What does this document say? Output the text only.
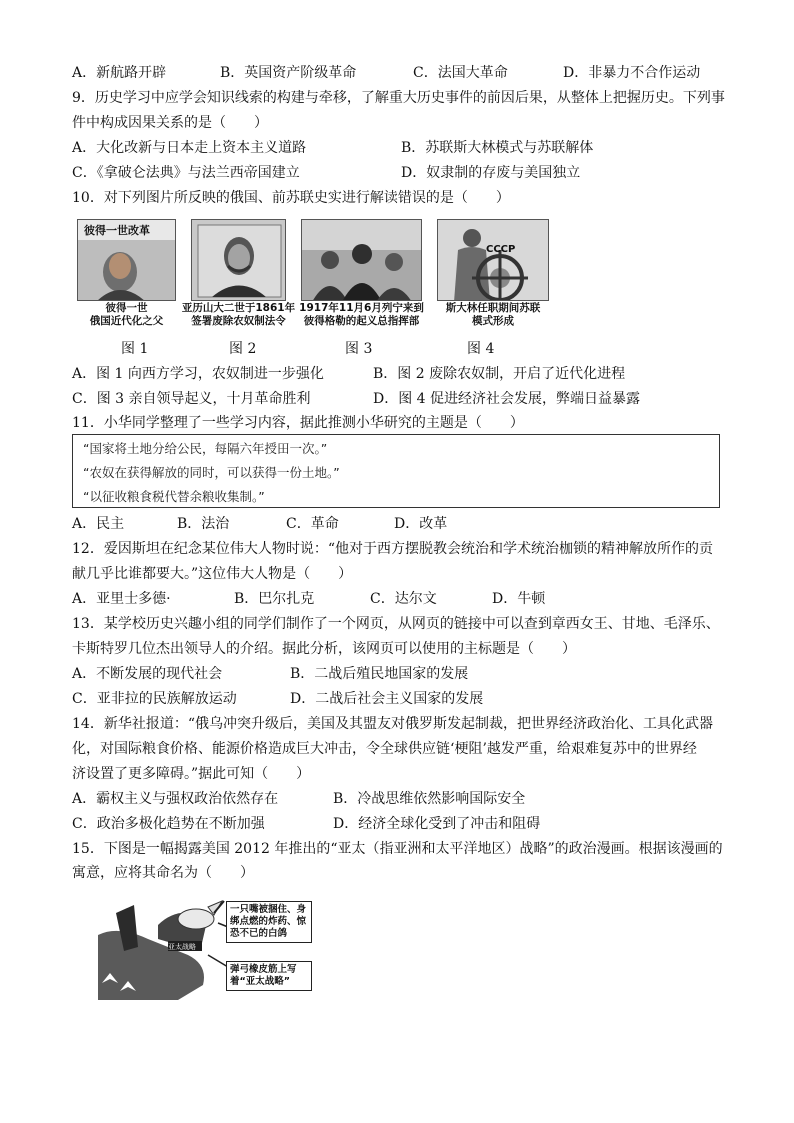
A．新航路开辟	B．英国资产阶级革命	C．法国大革命	D．非暴力不合作运动
9．历史学习中应学会知识线索的构建与牵移，了解重大历史事件的前因后果，从整体上把握历史。下列事
件中构成因果关系的是（　　）
A．大化改新与日本走上资本主义道路	B．苏联斯大林模式与苏联解体
C．《拿破仑法典》与法兰西帝国建立	D．奴隶制的存废与美国独立
10．对下列图片所反映的俄国、前苏联史实进行解读错误的是（　　）
彼得一世改革
彼得一世
俄国近代化之父
亚历山大二世于1861年
签署废除农奴制法令
1917年11月6月列宁来到
彼得格勒的起义总指挥部
CCCP
斯大林任职期间苏联
模式形成
图 1	图 2	图 3	图 4
A．图 1 向西方学习，农奴制进一步强化	B．图 2 废除农奴制，开启了近代化进程
C．图 3 亲自领导起义，十月革命胜利	D．图 4 促进经济社会发展，弊端日益暴露
11．小华同学整理了一些学习内容，据此推测小华研究的主题是（　　）
“国家将土地分给公民，每隔六年授田一次。”
“农奴在获得解放的同时，可以获得一份土地。”
“以征收粮食税代替余粮收集制。”
A．民主	B．法治	C．革命	D．改革
12．爱因斯坦在纪念某位伟大人物时说：“他对于西方摆脱教会统治和学术统治枷锁的精神解放所作的贡
献几乎比谁都要大。”这位伟大人物是（　　）
A．亚里士多德·	B．巴尔扎克	C．达尔文	D．牛顿
13．某学校历史兴趣小组的同学们制作了一个网页，从网页的链接中可以查到章西女王、甘地、毛泽乐、
卡斯特罗几位杰出领导人的介绍。据此分析，该网页可以使用的主标题是（　　）
A．不断发展的现代社会	B．二战后殖民地国家的发展
C．亚非拉的民族解放运动	D．二战后社会主义国家的发展
14．新华社报道：“俄乌冲突升级后，美国及其盟友对俄罗斯发起制裁，把世界经济政治化、工具化武器
化，对国际粮食价格、能源价格造成巨大冲击，令全球供应链‘梗阻’越发严重，给艰难复苏中的世界经
济设置了更多障碍。”据此可知（　　）
A．霸权主义与强权政治依然存在	B．冷战思维依然影响国际安全
C．政治多极化趋势在不断加强	D．经济全球化受到了冲击和阻碍
15．下图是一幅揭露美国 2012 年推出的“亚太（指亚洲和太平洋地区）战略”的政治漫画。根据该漫画的
寓意，应将其命名为（　　）
亚太战略
一只嘴被捆住、身绑点燃的炸药、惊恐不已的白鸽
弹弓橡皮筋上写着“亚太战略”
